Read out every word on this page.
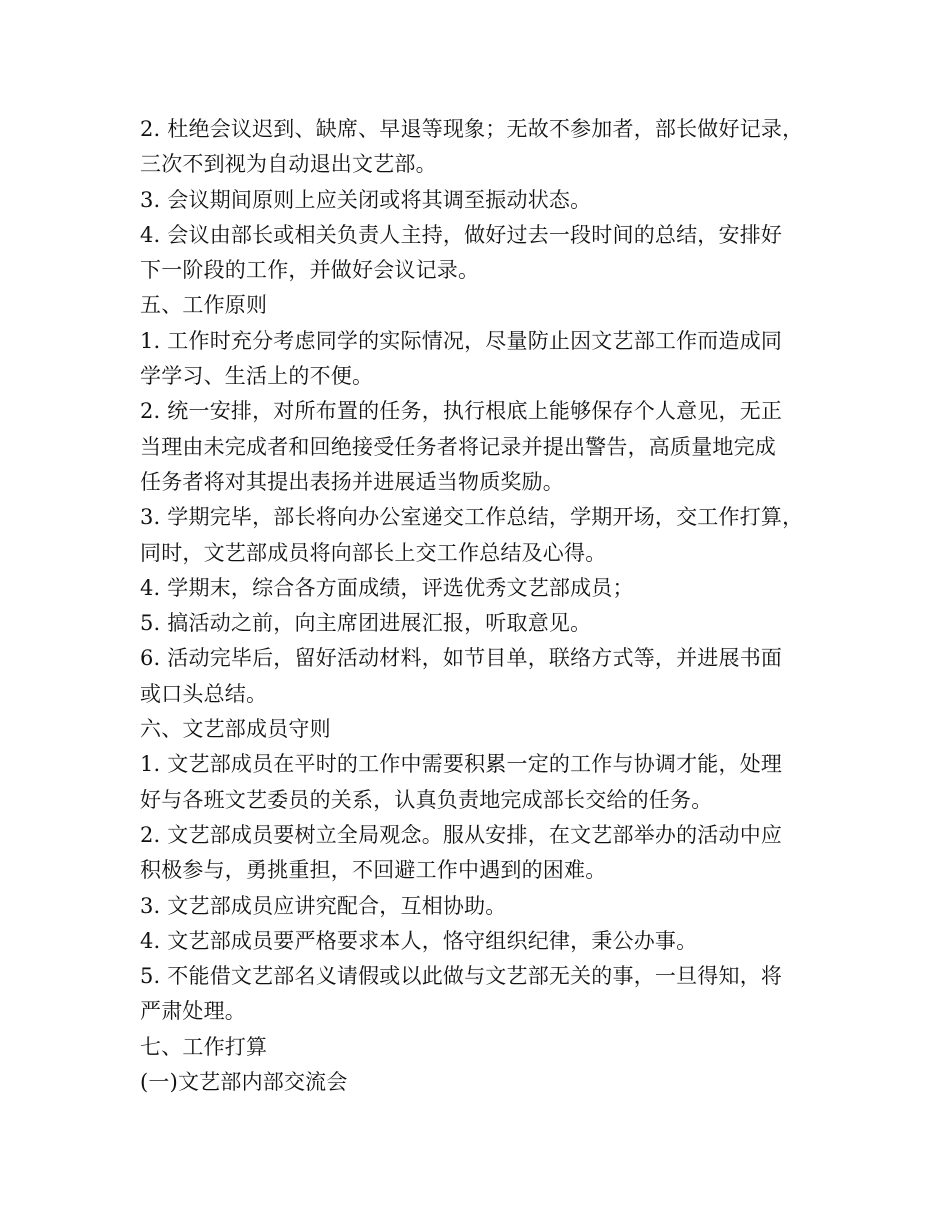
2. 杜绝会议迟到、缺席、早退等现象；无故不参加者，部长做好记录，
三次不到视为自动退出文艺部。
3. 会议期间原则上应关闭或将其调至振动状态。
4. 会议由部长或相关负责人主持，做好过去一段时间的总结，安排好
下一阶段的工作，并做好会议记录。
五、工作原则
1. 工作时充分考虑同学的实际情况，尽量防止因文艺部工作而造成同
学学习、生活上的不便。
2. 统一安排，对所布置的任务，执行根底上能够保存个人意见，无正
当理由未完成者和回绝接受任务者将记录并提出警告，高质量地完成
任务者将对其提出表扬并进展适当物质奖励。
3. 学期完毕，部长将向办公室递交工作总结，学期开场，交工作打算，
同时，文艺部成员将向部长上交工作总结及心得。
4. 学期末，综合各方面成绩，评选优秀文艺部成员；
5. 搞活动之前，向主席团进展汇报，听取意见。
6. 活动完毕后，留好活动材料，如节目单，联络方式等，并进展书面
或口头总结。
六、文艺部成员守则
1. 文艺部成员在平时的工作中需要积累一定的工作与协调才能，处理
好与各班文艺委员的关系，认真负责地完成部长交给的任务。
2. 文艺部成员要树立全局观念。服从安排，在文艺部举办的活动中应
积极参与，勇挑重担，不回避工作中遇到的困难。
3. 文艺部成员应讲究配合，互相协助。
4. 文艺部成员要严格要求本人，恪守组织纪律，秉公办事。
5. 不能借文艺部名义请假或以此做与文艺部无关的事，一旦得知，将
严肃处理。
七、工作打算
(一)文艺部内部交流会
